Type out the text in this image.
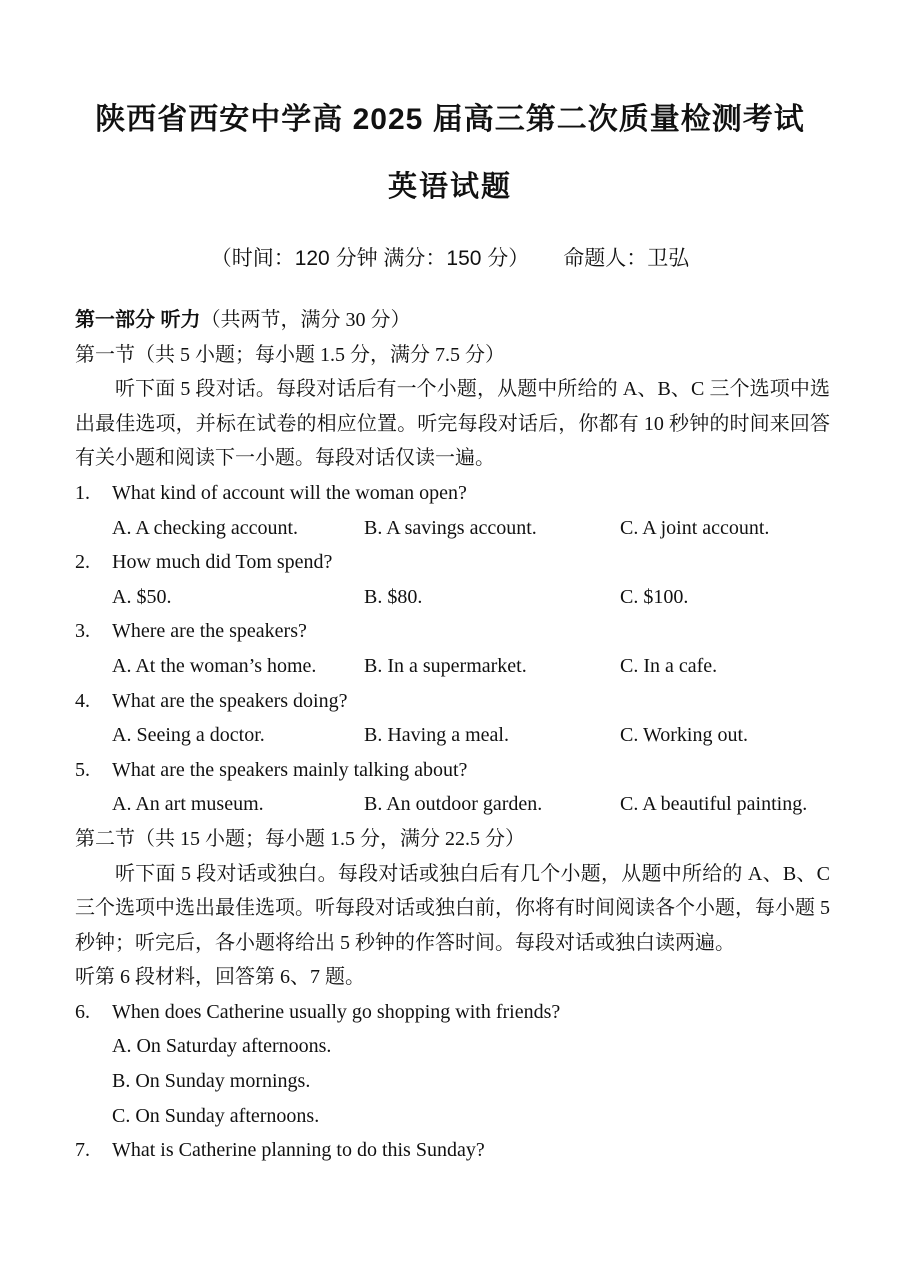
陕西省西安中学高 2025 届高三第二次质量检测考试
英语试题
（时间：120 分钟 满分：150 分） 命题人：卫弘
第一部分 听力（共两节，满分 30 分）
第一节（共 5 小题；每小题 1.5 分，满分 7.5 分）

听下面 5 段对话。每段对话后有一个小题，从题中所给的 A、B、C 三个选项中选出最佳选项，并标在试卷的相应位置。听完每段对话后，你都有 10 秒钟的时间来回答有关小题和阅读下一小题。每段对话仅读一遍。

1.	What kind of account will the woman open?
A. A checking account.	B. A savings account.	C. A joint account.
2.	How much did Tom spend?
A. $50.	B. $80.	C. $100.
3.	Where are the speakers?
A. At the woman’s home.	B. In a supermarket.	C. In a cafe.
4.	What are the speakers doing?
A. Seeing a doctor.	B. Having a meal.	C. Working out.
5.	What are the speakers mainly talking about?
A. An art museum.	B. An outdoor garden.	C. A beautiful painting.
第二节（共 15 小题；每小题 1.5 分，满分 22.5 分）

听下面 5 段对话或独白。每段对话或独白后有几个小题，从题中所给的 A、B、C 三个选项中选出最佳选项。听每段对话或独白前，你将有时间阅读各个小题，每小题 5 秒钟；听完后，各小题将给出 5 秒钟的作答时间。每段对话或独白读两遍。

听第 6 段材料，回答第 6、7 题。
6.	When does Catherine usually go shopping with friends?
A. On Saturday afternoons.
B. On Sunday mornings.
C. On Sunday afternoons.
7.	What is Catherine planning to do this Sunday?
